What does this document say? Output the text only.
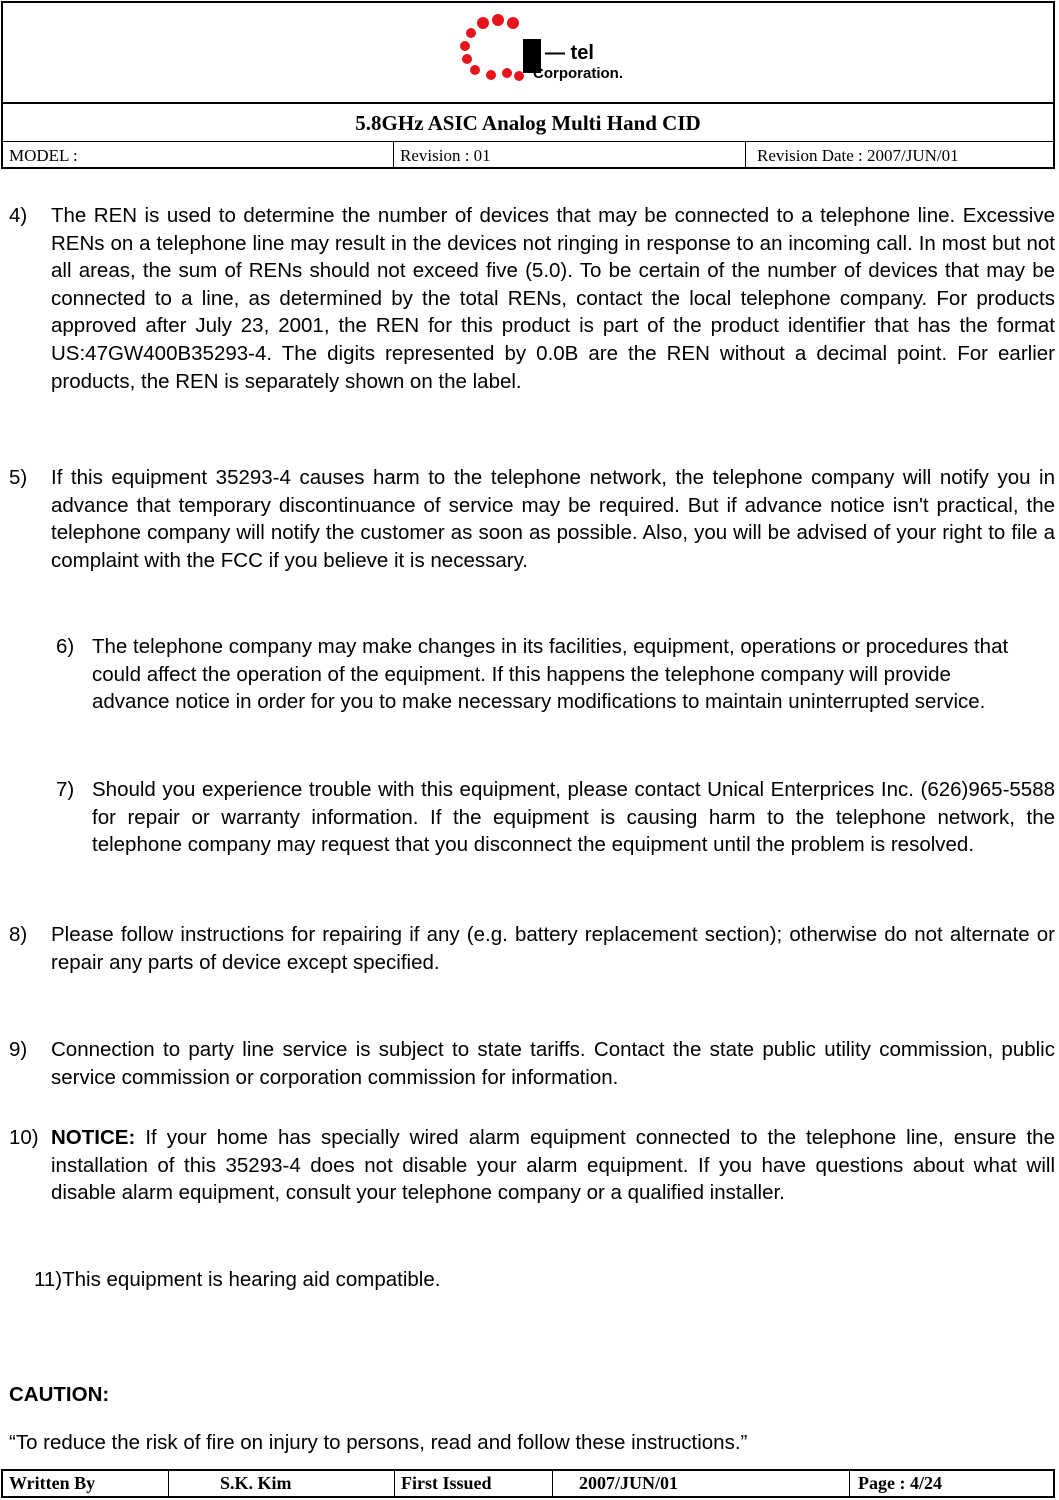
— tel
Corporation.
5.8GHz ASIC Analog Multi Hand CID
MODEL :	Revision : 01	Revision Date : 2007/JUN/01
4) The REN is used to determine the number of devices that may be connected to a telephone line. Excessive RENs on a telephone line may result in the devices not ringing in response to an incoming call. In most but not all areas, the sum of RENs should not exceed five (5.0). To be certain of the number of devices that may be connected to a line, as determined by the total RENs, contact the local telephone company. For products approved after July 23, 2001, the REN for this product is part of the product identifier that has the format US:47GW400B35293-4. The digits represented by 0.0B are the REN without a decimal point. For earlier products, the REN is separately shown on the label.
5) If this equipment 35293-4 causes harm to the telephone network, the telephone company will notify you in advance that temporary discontinuance of service may be required. But if advance notice isn't practical, the telephone company will notify the customer as soon as possible. Also, you will be advised of your right to file a complaint with the FCC if you believe it is necessary.
6) The telephone company may make changes in its facilities, equipment, operations or procedures that could affect the operation of the equipment. If this happens the telephone company will provide advance notice in order for you to make necessary modifications to maintain uninterrupted service.
7) Should you experience trouble with this equipment, please contact Unical Enterprices Inc. (626)965-5588 for repair or warranty information. If the equipment is causing harm to the telephone network, the telephone company may request that you disconnect the equipment until the problem is resolved.
8) Please follow instructions for repairing if any (e.g. battery replacement section); otherwise do not alternate or repair any parts of device except specified.
9) Connection to party line service is subject to state tariffs. Contact the state public utility commission, public service commission or corporation commission for information.
10) NOTICE: If your home has specially wired alarm equipment connected to the telephone line, ensure the installation of this 35293-4 does not disable your alarm equipment. If you have questions about what will disable alarm equipment, consult your telephone company or a qualified installer.
11)This equipment is hearing aid compatible.
CAUTION:
“To reduce the risk of fire on injury to persons, read and follow these instructions.”
Written By	S.K. Kim	First Issued	2007/JUN/01	Page : 4/24
